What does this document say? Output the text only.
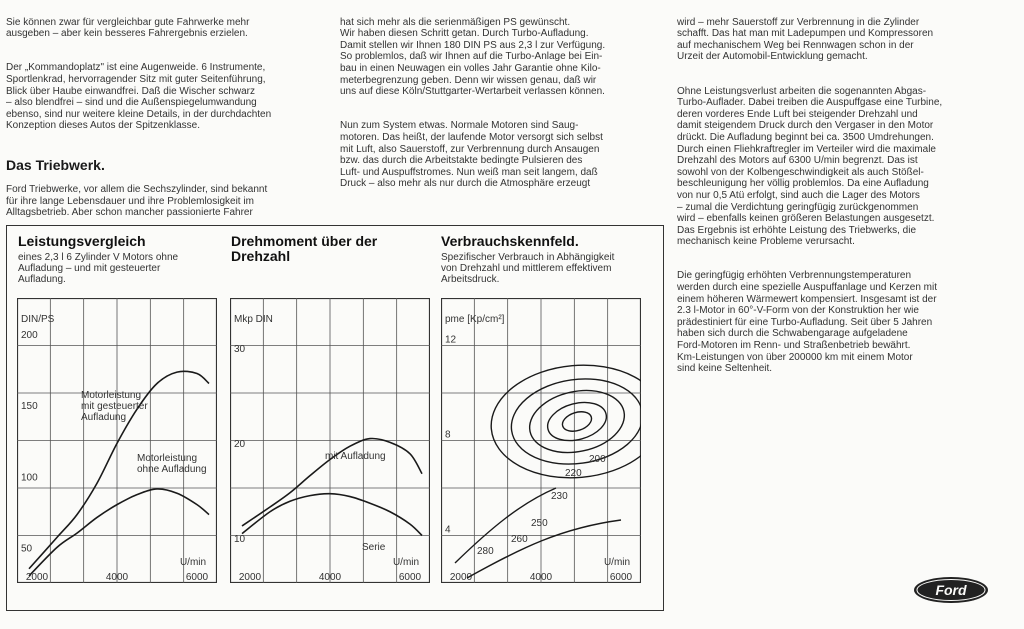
Sie können zwar für vergleichbar gute Fahrwerke mehr
ausgeben – aber kein besseres Fahrergebnis erzielen.

Der „Kommandoplatz" ist eine Augenweide. 6 Instrumente,
Sportlenkrad, hervorragender Sitz mit guter Seitenführung,
Blick über Haube einwandfrei. Daß die Wischer schwarz
– also blendfrei – sind und die Außenspiegelumwandung
ebenso, sind nur weitere kleine Details, in der durchdachten
Konzeption dieses Autos der Spitzenklasse.

Das Triebwerk.

Ford Triebwerke, vor allem die Sechszylinder, sind bekannt
für ihre lange Lebensdauer und ihre Problemlosigkeit im
Alltagsbetrieb. Aber schon mancher passionierte Fahrer

hat sich mehr als die serienmäßigen PS gewünscht.
Wir haben diesen Schritt getan. Durch Turbo-Aufladung.
Damit stellen wir Ihnen 180 DIN PS aus 2,3 l zur Verfügung.
So problemlos, daß wir Ihnen auf die Turbo-Anlage bei Ein-
bau in einen Neuwagen ein volles Jahr Garantie ohne Kilo-
meterbegrenzung geben. Denn wir wissen genau, daß wir
uns auf diese Köln/Stuttgarter-Wertarbeit verlassen können.

Nun zum System etwas. Normale Motoren sind Saug-
motoren. Das heißt, der laufende Motor versorgt sich selbst
mit Luft, also Sauerstoff, zur Verbrennung durch Ansaugen
bzw. das durch die Arbeitstakte bedingte Pulsieren des
Luft- und Auspuffstromes. Nun weiß man seit langem, daß
Druck – also mehr als nur durch die Atmosphäre erzeugt

wird – mehr Sauerstoff zur Verbrennung in die Zylinder
schafft. Das hat man mit Ladepumpen und Kompressoren
auf mechanischem Weg bei Rennwagen schon in der
Urzeit der Automobil-Entwicklung gemacht.

Ohne Leistungsverlust arbeiten die sogenannten Abgas-
Turbo-Auflader. Dabei treiben die Auspuffgase eine Turbine,
deren vorderes Ende Luft bei steigender Drehzahl und
damit steigendem Druck durch den Vergaser in den Motor
drückt. Die Aufladung beginnt bei ca. 3500 Umdrehungen.
Durch einen Fliehkraftregler im Verteiler wird die maximale
Drehzahl des Motors auf 6300 U/min begrenzt. Das ist
sowohl von der Kolbengeschwindigkeit als auch Stößel-
beschleunigung her völlig problemlos. Da eine Aufladung
von nur 0,5 Atü erfolgt, sind auch die Lager des Motors
– zumal die Verdichtung geringfügig zurückgenommen
wird – ebenfalls keinen größeren Belastungen ausgesetzt.
Das Ergebnis ist erhöhte Leistung des Triebwerks, die
mechanisch keine Probleme verursacht.

Die geringfügig erhöhten Verbrennungstemperaturen
werden durch eine spezielle Auspuffanlage und Kerzen mit
einem höheren Wärmewert kompensiert. Insgesamt ist der
2.3 l-Motor in 60°-V-Form von der Konstruktion her wie
prädestiniert für eine Turbo-Aufladung. Seit über 5 Jahren
haben sich durch die Schwabengarage aufgeladene
Ford-Motoren im Renn- und Straßenbetrieb bewährt.
Km-Leistungen von über 200000 km mit einem Motor
sind keine Seltenheit.

Leistungsvergleich
eines 2,3 l 6 Zylinder V Motors ohne
Aufladung – und mit gesteuerter
Aufladung.
Drehmoment über der
Drehzahl
Verbrauchskennfeld.
Spezifischer Verbrauch in Abhängigkeit
von Drehzahl und mittlerem effektivem
Arbeitsdruck.
50
100
150
200
2000	4000	6000
U/min
DIN/PS
Motorleistung
mit gesteuerter
Aufladung
Motorleistung
ohne Aufladung
10
20
30
2000	4000	6000
U/min
Mkp DIN
mit Aufladung
Serie
4
8
12
2000	4000	6000
U/min
pme [Kp/cm²]
200
220
230
250
260
280
Ford
